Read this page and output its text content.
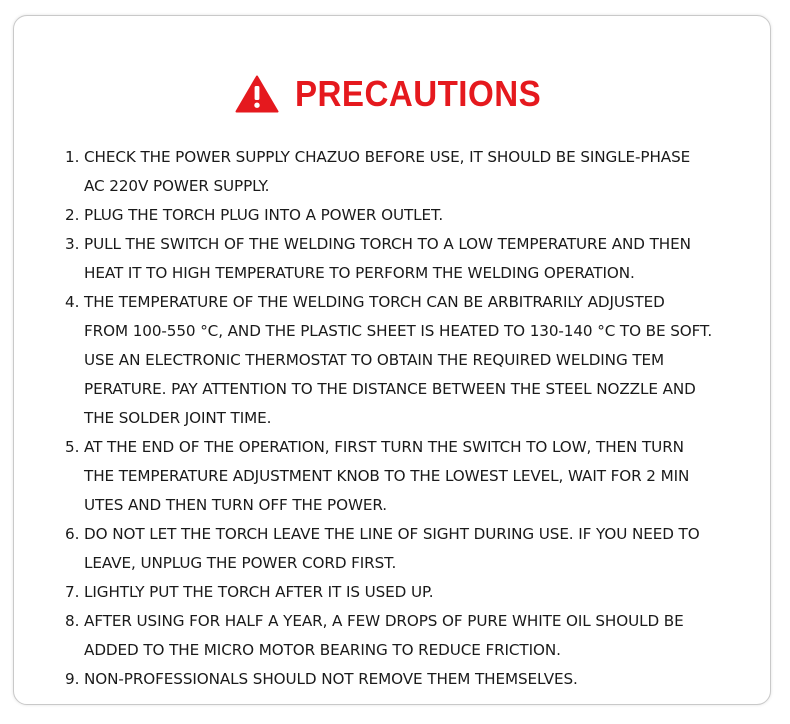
PRECAUTIONS
1. CHECK THE POWER SUPPLY CHAZUO BEFORE USE, IT SHOULD BE SINGLE-PHASE
AC 220V POWER SUPPLY.
2. PLUG THE TORCH PLUG INTO A POWER OUTLET.
3. PULL THE SWITCH OF THE WELDING TORCH TO A LOW TEMPERATURE AND THEN
HEAT IT TO HIGH TEMPERATURE TO PERFORM THE WELDING OPERATION.
4. THE TEMPERATURE OF THE WELDING TORCH CAN BE ARBITRARILY ADJUSTED
FROM 100-550 °C, AND THE PLASTIC SHEET IS HEATED TO 130-140 °C TO BE SOFT.
USE AN ELECTRONIC THERMOSTAT TO OBTAIN THE REQUIRED WELDING TEM
PERATURE. PAY ATTENTION TO THE DISTANCE BETWEEN THE STEEL NOZZLE AND
THE SOLDER JOINT TIME.
5. AT THE END OF THE OPERATION, FIRST TURN THE SWITCH TO LOW, THEN TURN
THE TEMPERATURE ADJUSTMENT KNOB TO THE LOWEST LEVEL, WAIT FOR 2 MIN
UTES AND THEN TURN OFF THE POWER.
6. DO NOT LET THE TORCH LEAVE THE LINE OF SIGHT DURING USE. IF YOU NEED TO
LEAVE, UNPLUG THE POWER CORD FIRST.
7. LIGHTLY PUT THE TORCH AFTER IT IS USED UP.
8. AFTER USING FOR HALF A YEAR, A FEW DROPS OF PURE WHITE OIL SHOULD BE
ADDED TO THE MICRO MOTOR BEARING TO REDUCE FRICTION.
9. NON-PROFESSIONALS SHOULD NOT REMOVE THEM THEMSELVES.
